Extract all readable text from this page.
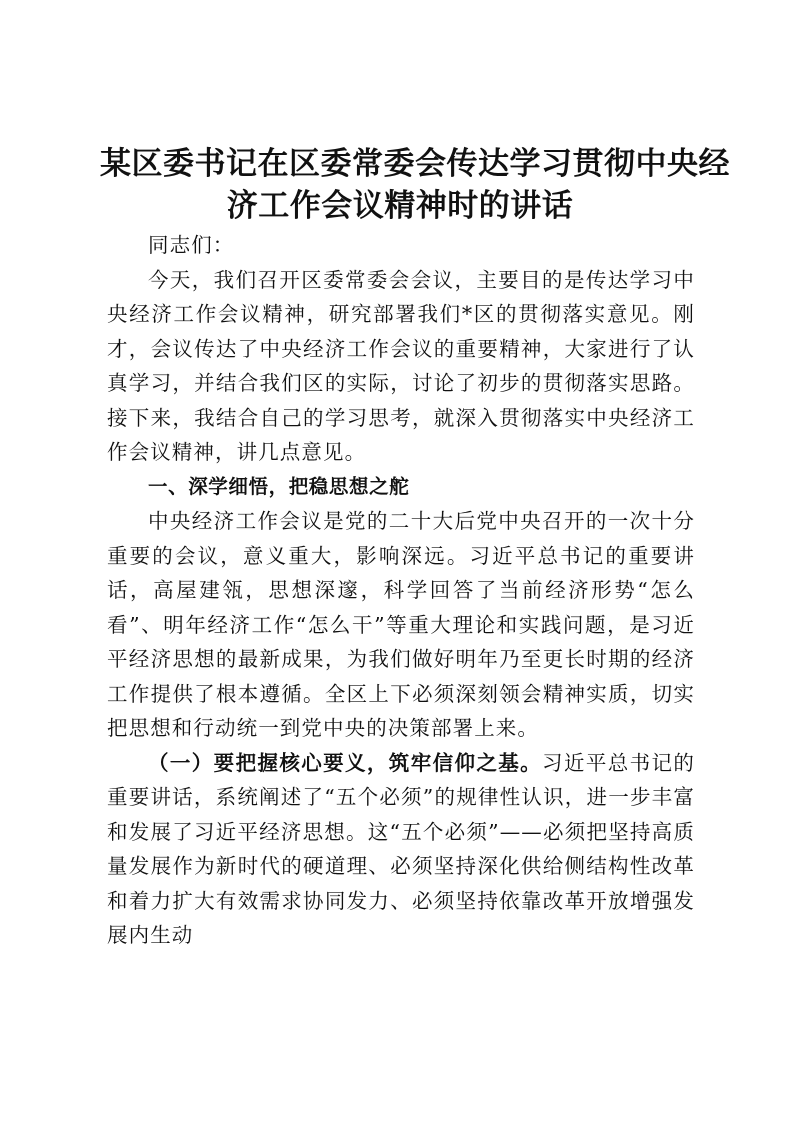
某区委书记在区委常委会传达学习贯彻中央经
济工作会议精神时的讲话

同志们：

今天，我们召开区委常委会会议，主要目的是传达学习中央经济工作会议精神，研究部署我们*区的贯彻落实意见。刚才，会议传达了中央经济工作会议的重要精神，大家进行了认真学习，并结合我们区的实际，讨论了初步的贯彻落实思路。接下来，我结合自己的学习思考，就深入贯彻落实中央经济工作会议精神，讲几点意见。

一、深学细悟，把稳思想之舵

中央经济工作会议是党的二十大后党中央召开的一次十分重要的会议，意义重大，影响深远。习近平总书记的重要讲话，高屋建瓴，思想深邃，科学回答了当前经济形势“怎么看”、明年经济工作“怎么干”等重大理论和实践问题，是习近平经济思想的最新成果，为我们做好明年乃至更长时期的经济工作提供了根本遵循。全区上下必须深刻领会精神实质，切实把思想和行动统一到党中央的决策部署上来。

（一）要把握核心要义，筑牢信仰之基。习近平总书记的重要讲话，系统阐述了“五个必须”的规律性认识，进一步丰富和发展了习近平经济思想。这“五个必须”——必须把坚持高质量发展作为新时代的硬道理、必须坚持深化供给侧结构性改革和着力扩大有效需求协同发力、必须坚持依靠改革开放增强发展内生动
